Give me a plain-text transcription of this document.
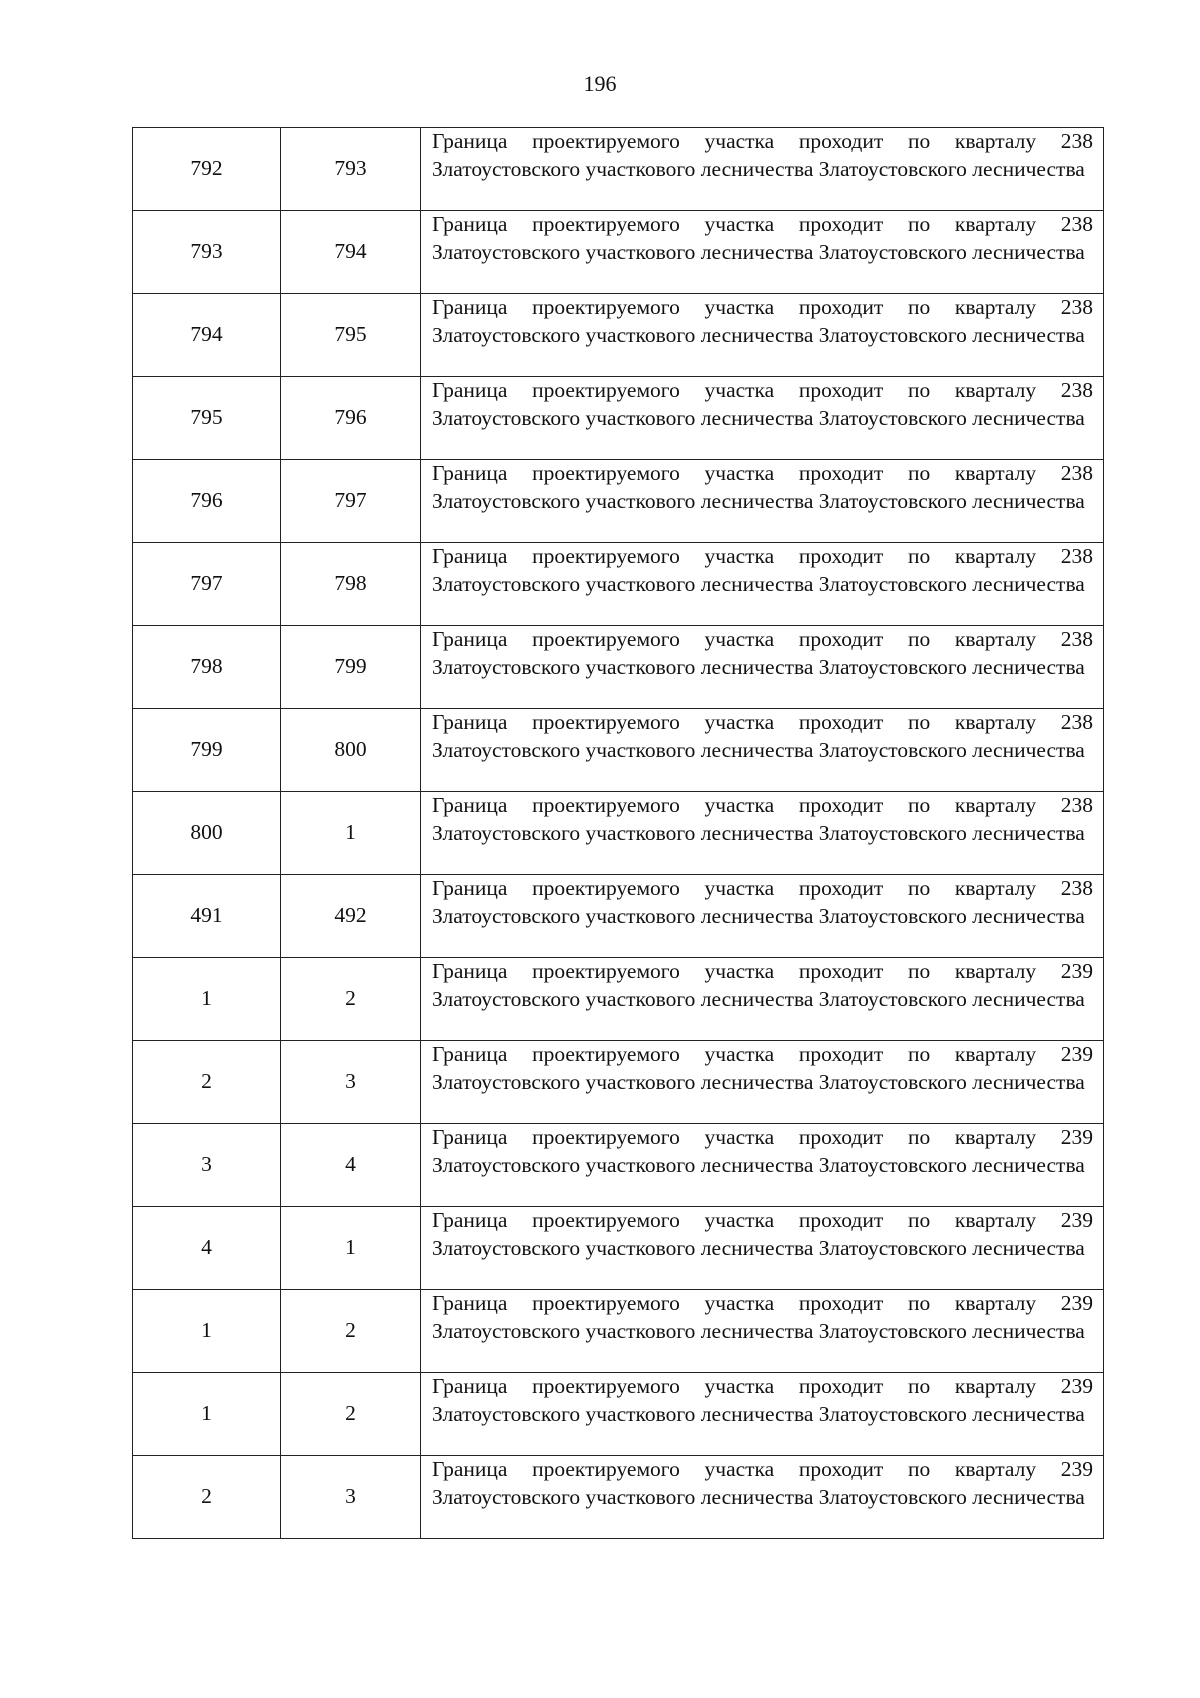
196
792	793	Граница проектируемого участка проходит по кварталу 238 Златоустовского участкового лесничества Златоустовского лесничества

793	794	Граница проектируемого участка проходит по кварталу 238 Златоустовского участкового лесничества Златоустовского лесничества

794	795	Граница проектируемого участка проходит по кварталу 238 Златоустовского участкового лесничества Златоустовского лесничества

795	796	Граница проектируемого участка проходит по кварталу 238 Златоустовского участкового лесничества Златоустовского лесничества

796	797	Граница проектируемого участка проходит по кварталу 238 Златоустовского участкового лесничества Златоустовского лесничества

797	798	Граница проектируемого участка проходит по кварталу 238 Златоустовского участкового лесничества Златоустовского лесничества

798	799	Граница проектируемого участка проходит по кварталу 238 Златоустовского участкового лесничества Златоустовского лесничества

799	800	Граница проектируемого участка проходит по кварталу 238 Златоустовского участкового лесничества Златоустовского лесничества

800	1	Граница проектируемого участка проходит по кварталу 238 Златоустовского участкового лесничества Златоустовского лесничества

491	492	Граница проектируемого участка проходит по кварталу 238 Златоустовского участкового лесничества Златоустовского лесничества

1	2	Граница проектируемого участка проходит по кварталу 239 Златоустовского участкового лесничества Златоустовского лесничества

2	3	Граница проектируемого участка проходит по кварталу 239 Златоустовского участкового лесничества Златоустовского лесничества

3	4	Граница проектируемого участка проходит по кварталу 239 Златоустовского участкового лесничества Златоустовского лесничества

4	1	Граница проектируемого участка проходит по кварталу 239 Златоустовского участкового лесничества Златоустовского лесничества

1	2	Граница проектируемого участка проходит по кварталу 239 Златоустовского участкового лесничества Златоустовского лесничества

1	2	Граница проектируемого участка проходит по кварталу 239 Златоустовского участкового лесничества Златоустовского лесничества

2	3	Граница проектируемого участка проходит по кварталу 239 Златоустовского участкового лесничества Златоустовского лесничества
